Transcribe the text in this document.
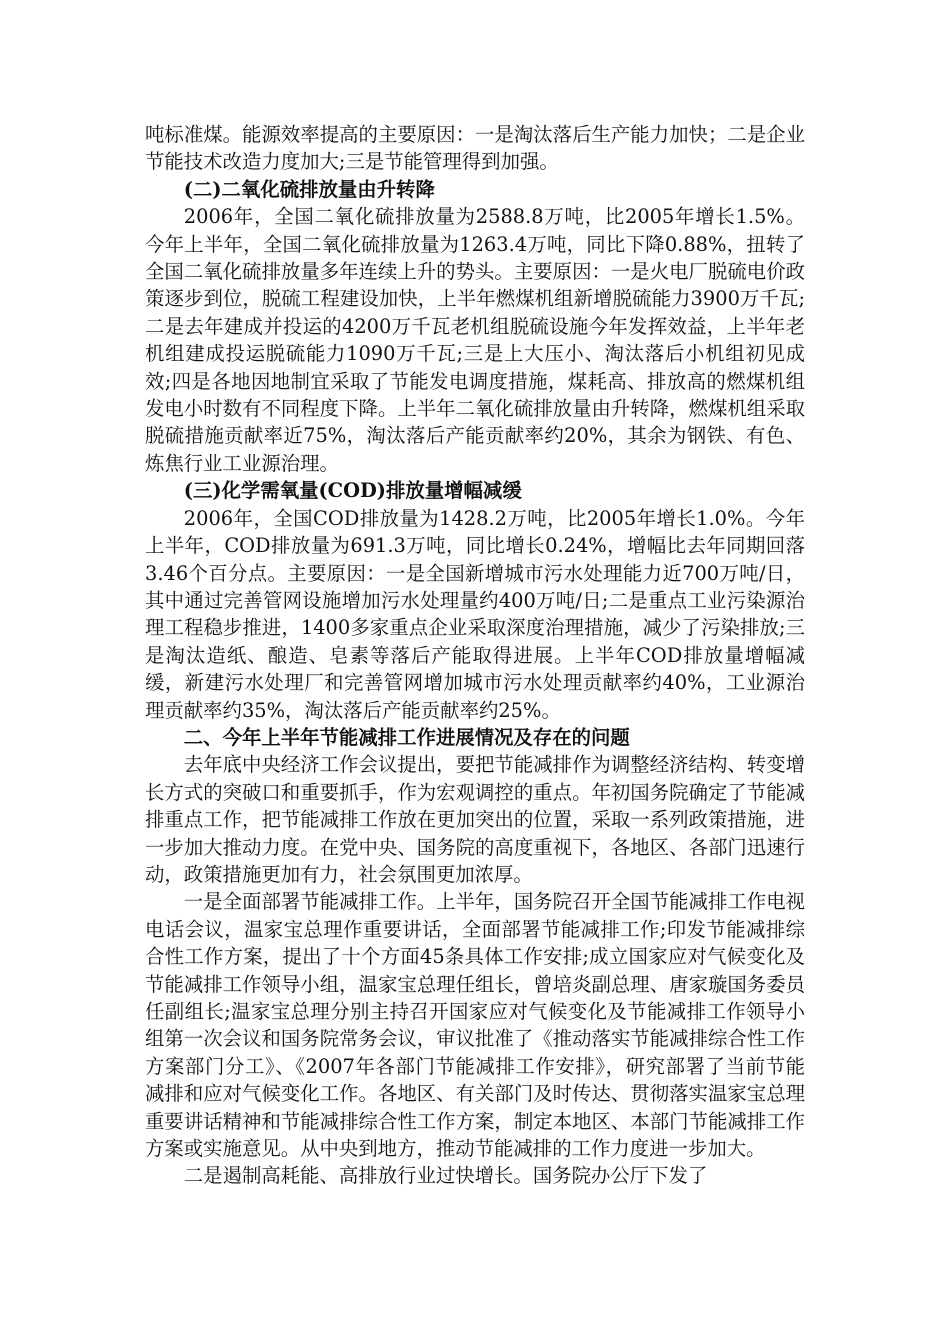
吨标准煤。能源效率提高的主要原因：一是淘汰落后生产能力加快；二是企业节能技术改造力度加大;三是节能管理得到加强。

(二)二氧化硫排放量由升转降

2006年，全国二氧化硫排放量为2588.8万吨，比2005年增长1.5%。今年上半年，全国二氧化硫排放量为1263.4万吨，同比下降0.88%，扭转了全国二氧化硫排放量多年连续上升的势头。主要原因：一是火电厂脱硫电价政策逐步到位，脱硫工程建设加快，上半年燃煤机组新增脱硫能力3900万千瓦;二是去年建成并投运的4200万千瓦老机组脱硫设施今年发挥效益，上半年老机组建成投运脱硫能力1090万千瓦;三是上大压小、淘汰落后小机组初见成效;四是各地因地制宜采取了节能发电调度措施，煤耗高、排放高的燃煤机组发电小时数有不同程度下降。上半年二氧化硫排放量由升转降，燃煤机组采取脱硫措施贡献率近75%，淘汰落后产能贡献率约20%，其余为钢铁、有色、炼焦行业工业源治理。

(三)化学需氧量(COD)排放量增幅减缓

2006年，全国COD排放量为1428.2万吨，比2005年增长1.0%。今年上半年，COD排放量为691.3万吨，同比增长0.24%，增幅比去年同期回落3.46个百分点。主要原因：一是全国新增城市污水处理能力近700万吨/日，其中通过完善管网设施增加污水处理量约400万吨/日;二是重点工业污染源治理工程稳步推进，1400多家重点企业采取深度治理措施，减少了污染排放;三是淘汰造纸、酿造、皂素等落后产能取得进展。上半年COD排放量增幅减缓，新建污水处理厂和完善管网增加城市污水处理贡献率约40%，工业源治理贡献率约35%，淘汰落后产能贡献率约25%。

二、今年上半年节能减排工作进展情况及存在的问题

去年底中央经济工作会议提出，要把节能减排作为调整经济结构、转变增长方式的突破口和重要抓手，作为宏观调控的重点。年初国务院确定了节能减排重点工作，把节能减排工作放在更加突出的位置，采取一系列政策措施，进一步加大推动力度。在党中央、国务院的高度重视下，各地区、各部门迅速行动，政策措施更加有力，社会氛围更加浓厚。

一是全面部署节能减排工作。上半年，国务院召开全国节能减排工作电视电话会议，温家宝总理作重要讲话，全面部署节能减排工作;印发节能减排综合性工作方案，提出了十个方面45条具体工作安排;成立国家应对气候变化及节能减排工作领导小组，温家宝总理任组长，曾培炎副总理、唐家璇国务委员任副组长;温家宝总理分别主持召开国家应对气候变化及节能减排工作领导小组第一次会议和国务院常务会议，审议批准了《推动落实节能减排综合性工作方案部门分工》、《2007年各部门节能减排工作安排》，研究部署了当前节能减排和应对气候变化工作。各地区、有关部门及时传达、贯彻落实温家宝总理重要讲话精神和节能减排综合性工作方案，制定本地区、本部门节能减排工作方案或实施意见。从中央到地方，推动节能减排的工作力度进一步加大。

二是遏制高耗能、高排放行业过快增长。国务院办公厅下发了
